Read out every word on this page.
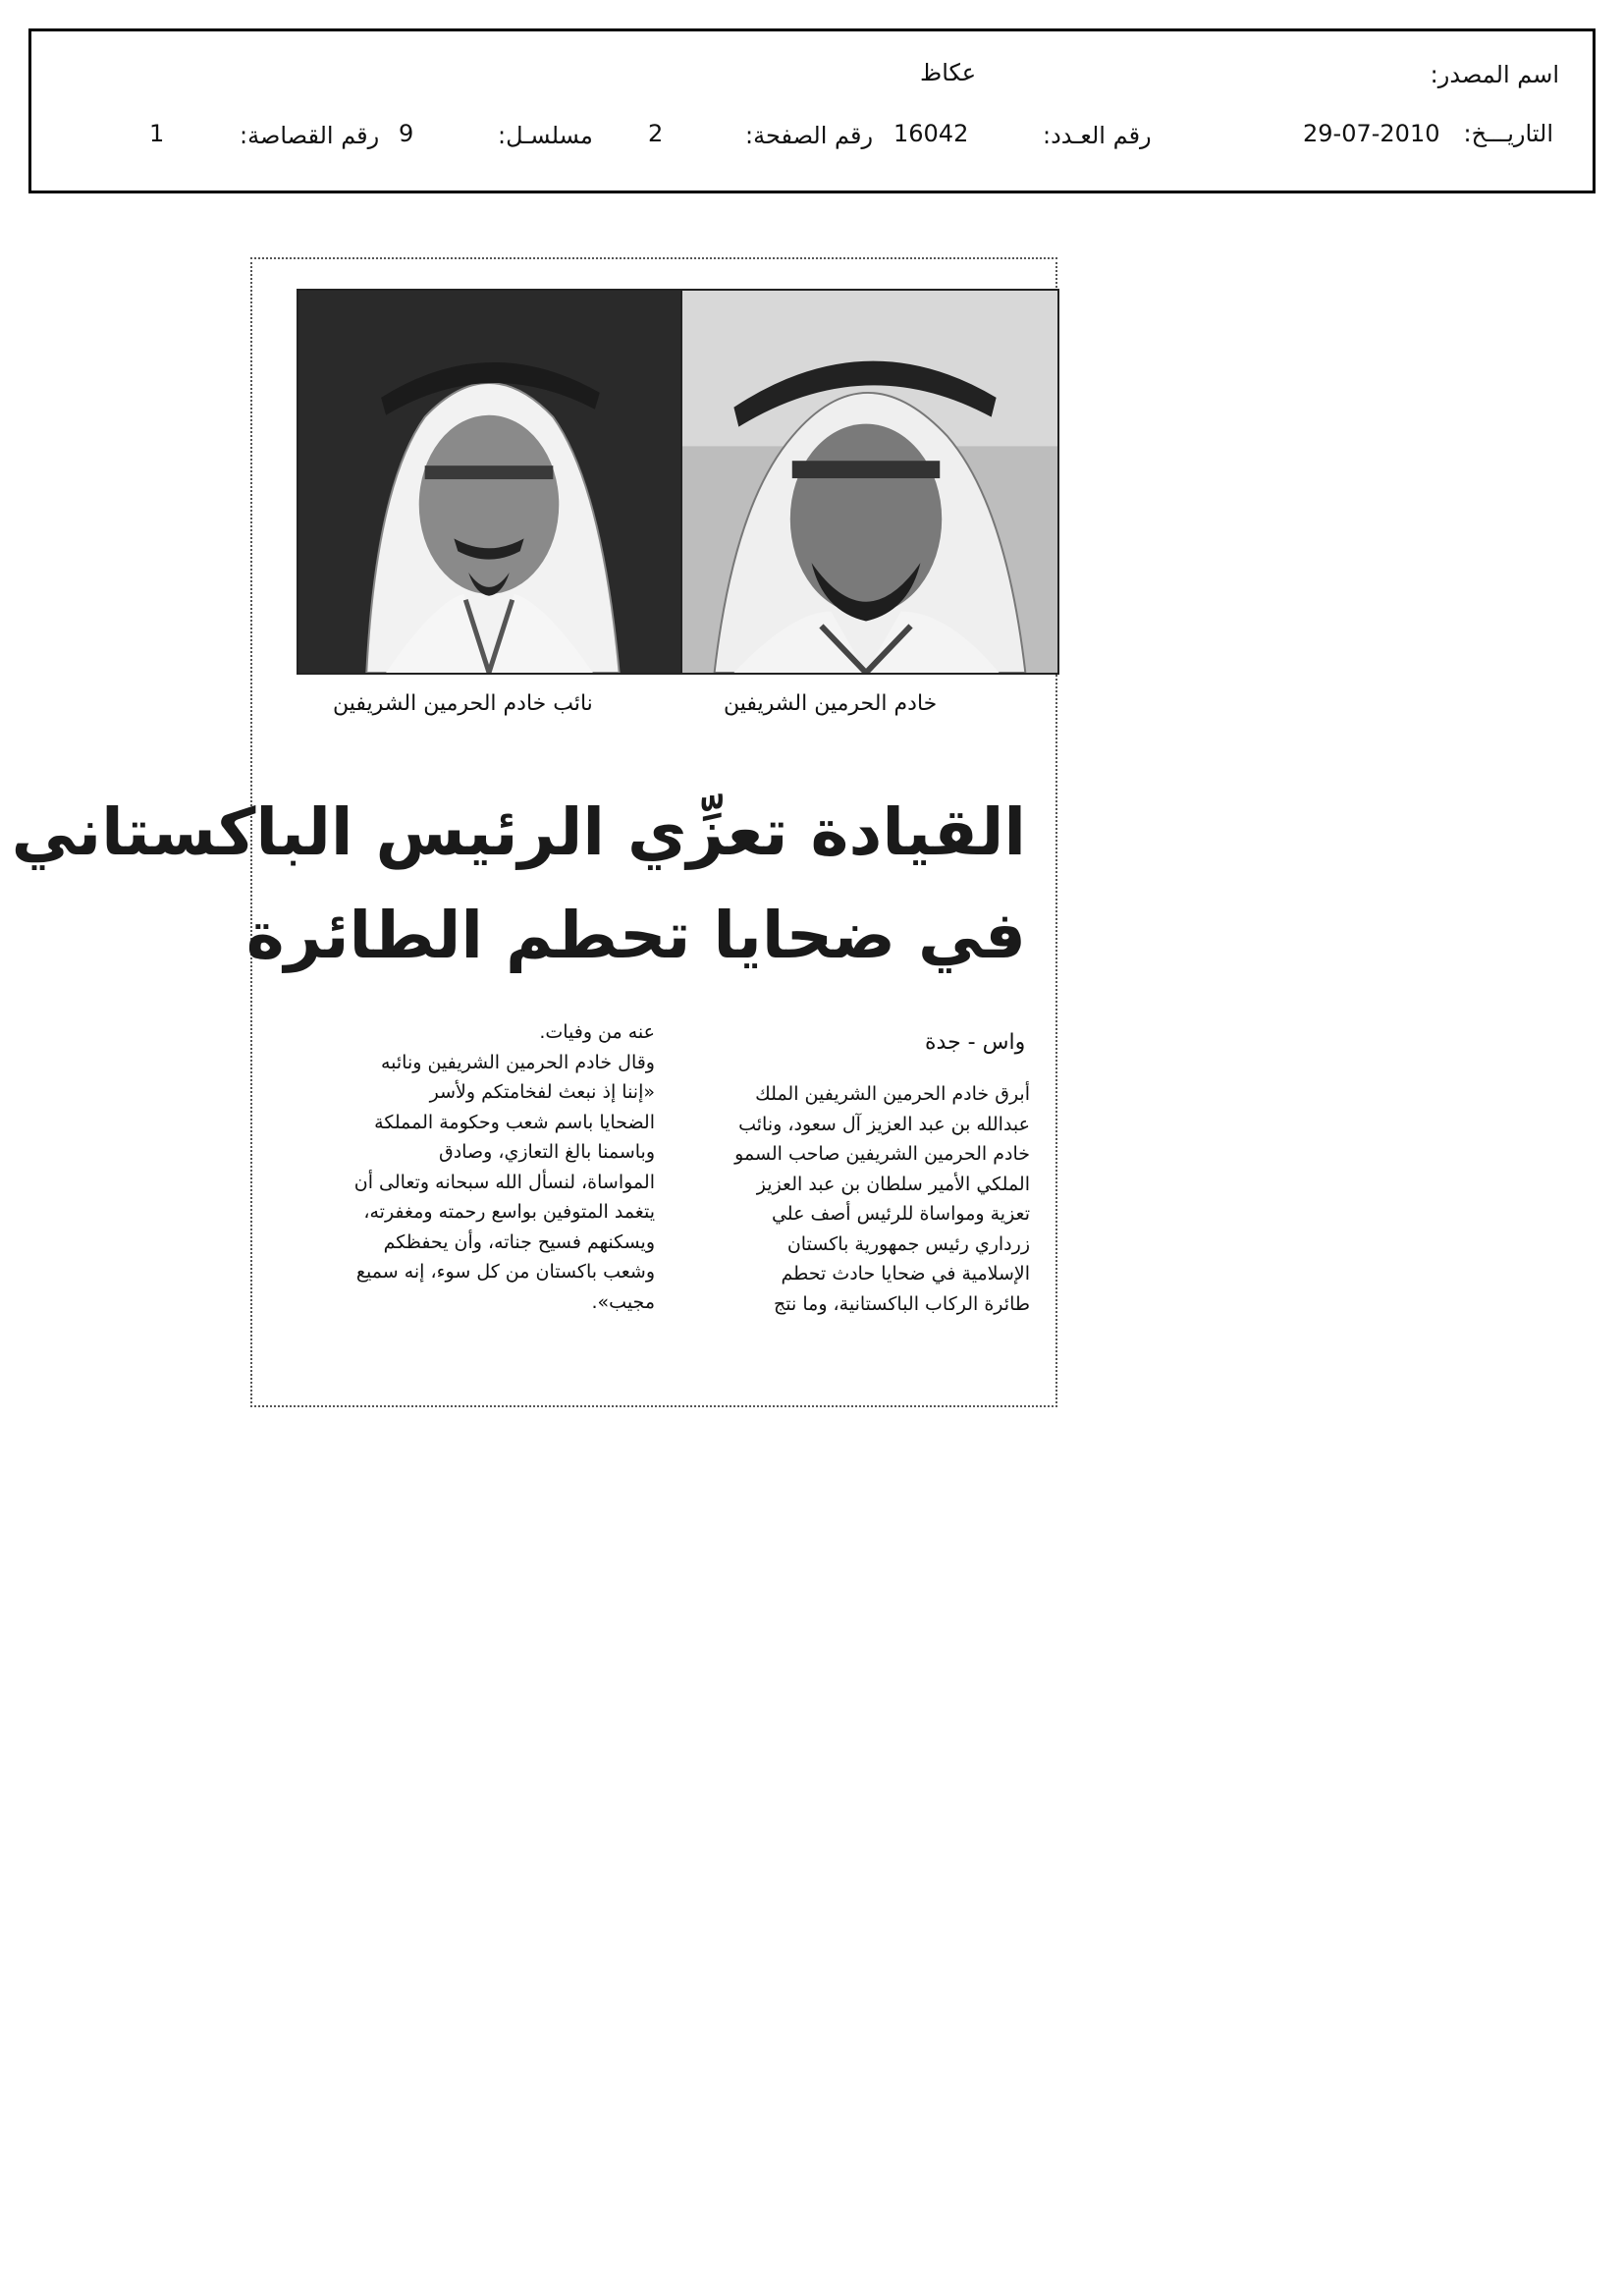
اسم المصدر:
عكاظ
التاريـــخ:
29-07-2010
رقم العـدد:
16042
رقم الصفحة:
2
مسلسـل:
9
رقم القصاصة:
1
خادم الحرمين الشريفين
نائب خادم الحرمين الشريفين
القيادة تعزِّي الرئيس الباكستاني
في ضحايا تحطم الطائرة
واس - جدة
أبرق خادم الحرمين الشريفين الملك
عبدالله بن عبد العزيز آل سعود، ونائب
خادم الحرمين الشريفين صاحب السمو
الملكي الأمير سلطان بن عبد العزيز
تعزية ومواساة للرئيس أصف علي
زرداري رئيس جمهورية باكستان
الإسلامية في ضحايا حادث تحطم
طائرة الركاب الباكستانية، وما نتج
عنه من وفيات.
وقال خادم الحرمين الشريفين ونائبه
«إننا إذ نبعث لفخامتكم ولأسر
الضحايا باسم شعب وحكومة المملكة
وباسمنا بالغ التعازي، وصادق
المواساة، لنسأل الله سبحانه وتعالى أن
يتغمد المتوفين بواسع رحمته ومغفرته،
ويسكنهم فسيح جناته، وأن يحفظكم
وشعب باكستان من كل سوء، إنه سميع
مجيب».
